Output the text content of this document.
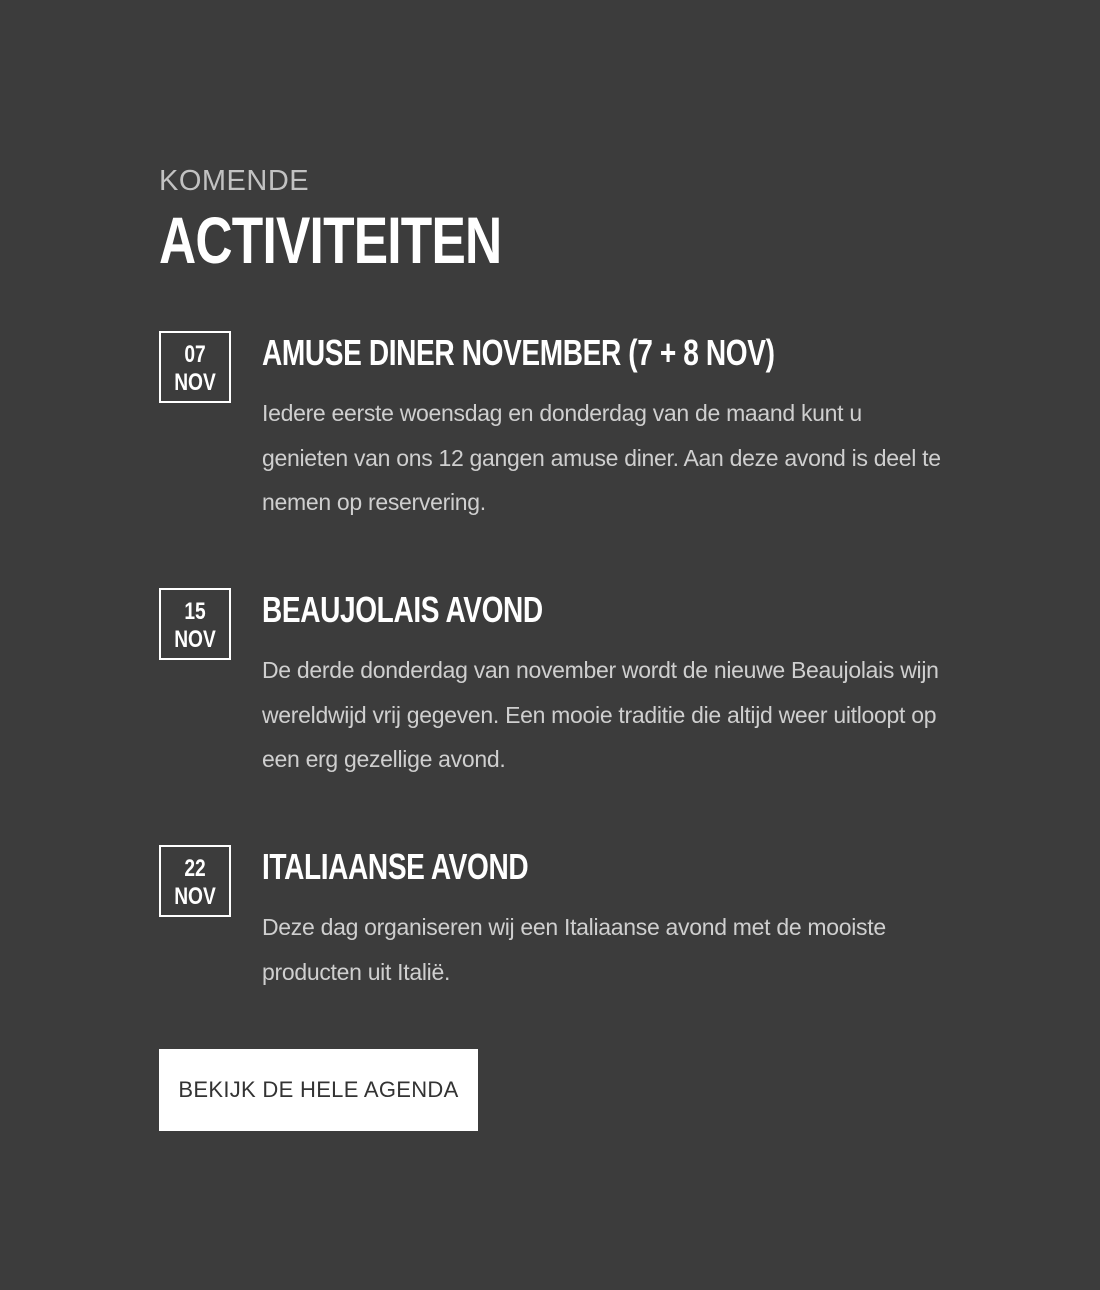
KOMENDE

ACTIVITEITEN
07
NOV
AMUSE DINER NOVEMBER (7 + 8 NOV)

Iedere eerste woensdag en donderdag van de maand kunt u genieten van ons 12 gangen amuse diner. Aan deze avond is deel te nemen op reservering.

15
NOV
BEAUJOLAIS AVOND

De derde donderdag van november wordt de nieuwe Beaujolais wijn wereldwijd vrij gegeven. Een mooie traditie die altijd weer uitloopt op een erg gezellige avond.

22
NOV
ITALIAANSE AVOND

Deze dag organiseren wij een Italiaanse avond met de mooiste producten uit Italië.

BEKIJK DE HELE AGENDA
